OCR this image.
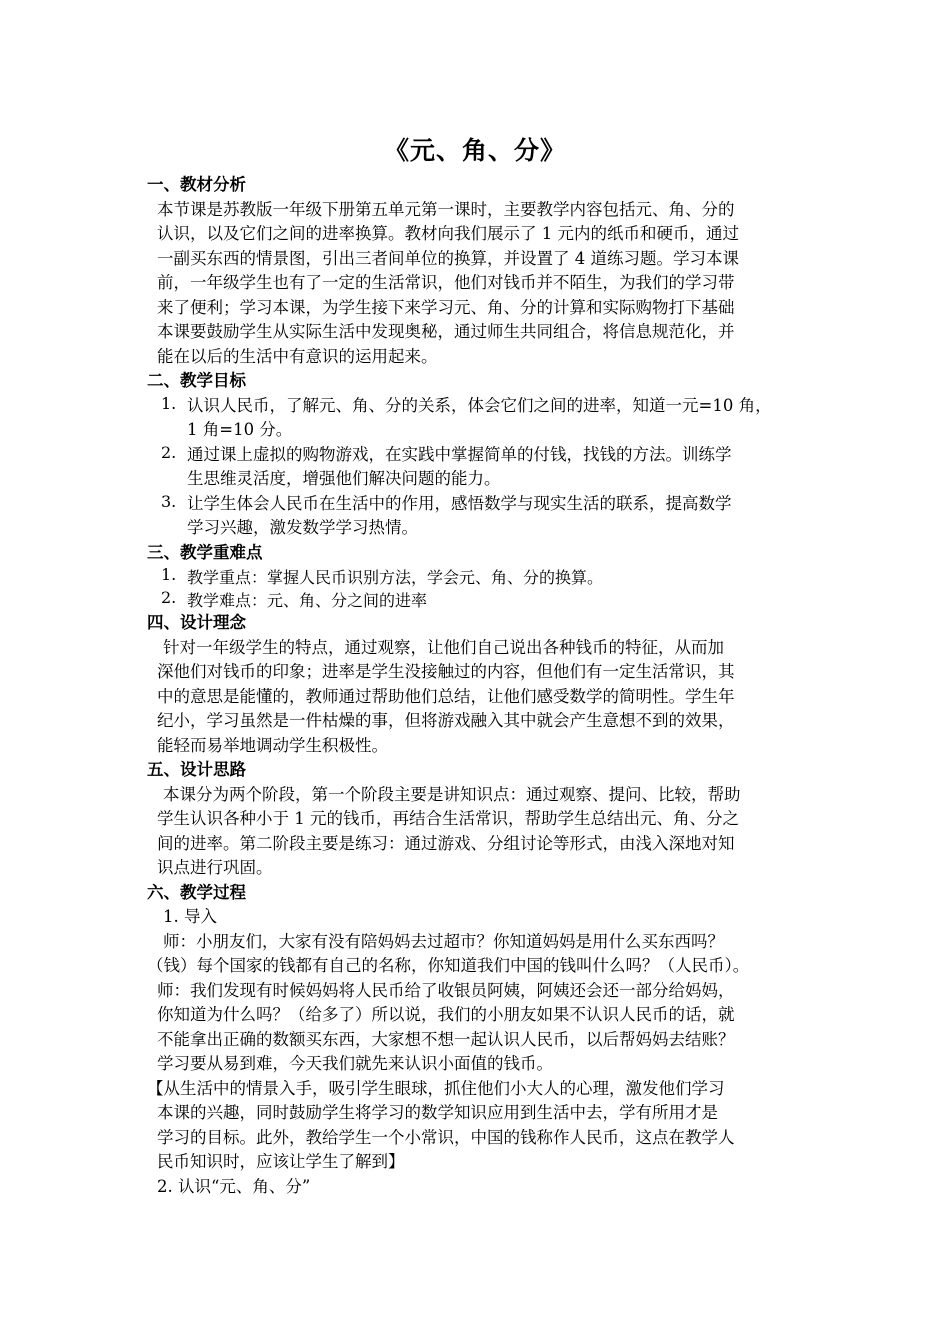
《元、角、分》

一、教材分析

本节课是苏教版一年级下册第五单元第一课时，主要教学内容包括元、角、分的

认识，以及它们之间的进率换算。教材向我们展示了 1 元内的纸币和硬币，通过

一副买东西的情景图，引出三者间单位的换算，并设置了 4 道练习题。学习本课

前，一年级学生也有了一定的生活常识，他们对钱币并不陌生，为我们的学习带

来了便利；学习本课，为学生接下来学习元、角、分的计算和实际购物打下基础

本课要鼓励学生从实际生活中发现奥秘，通过师生共同组合，将信息规范化，并

能在以后的生活中有意识的运用起来。

二、教学目标

1. 认识人民币，了解元、角、分的关系，体会它们之间的进率，知道一元=10 角，

1 角=10 分。

2. 通过课上虚拟的购物游戏，在实践中掌握简单的付钱，找钱的方法。训练学

生思维灵活度，增强他们解决问题的能力。

3. 让学生体会人民币在生活中的作用，感悟数学与现实生活的联系，提高数学

学习兴趣，激发数学学习热情。

三、教学重难点

1. 教学重点：掌握人民币识别方法，学会元、角、分的换算。
2. 教学难点：元、角、分之间的进率

四、设计理念

针对一年级学生的特点，通过观察，让他们自己说出各种钱币的特征，从而加

深他们对钱币的印象；进率是学生没接触过的内容，但他们有一定生活常识，其

中的意思是能懂的，教师通过帮助他们总结，让他们感受数学的简明性。学生年

纪小，学习虽然是一件枯燥的事，但将游戏融入其中就会产生意想不到的效果，

能轻而易举地调动学生积极性。

五、设计思路

本课分为两个阶段，第一个阶段主要是讲知识点：通过观察、提问、比较，帮助

学生认识各种小于 1 元的钱币，再结合生活常识，帮助学生总结出元、角、分之

间的进率。第二阶段主要是练习：通过游戏、分组讨论等形式，由浅入深地对知

识点进行巩固。

六、教学过程

1. 导入

师：小朋友们，大家有没有陪妈妈去过超市？你知道妈妈是用什么买东西吗？

（钱）每个国家的钱都有自己的名称，你知道我们中国的钱叫什么吗？（人民币）。

师：我们发现有时候妈妈将人民币给了收银员阿姨，阿姨还会还一部分给妈妈，

你知道为什么吗？（给多了）所以说，我们的小朋友如果不认识人民币的话，就

不能拿出正确的数额买东西，大家想不想一起认识人民币，以后帮妈妈去结账？

学习要从易到难，今天我们就先来认识小面值的钱币。

【从生活中的情景入手，吸引学生眼球，抓住他们小大人的心理，激发他们学习

本课的兴趣，同时鼓励学生将学习的数学知识应用到生活中去，学有所用才是

学习的目标。此外，教给学生一个小常识，中国的钱称作人民币，这点在教学人

民币知识时，应该让学生了解到】

2. 认识“元、角、分”
